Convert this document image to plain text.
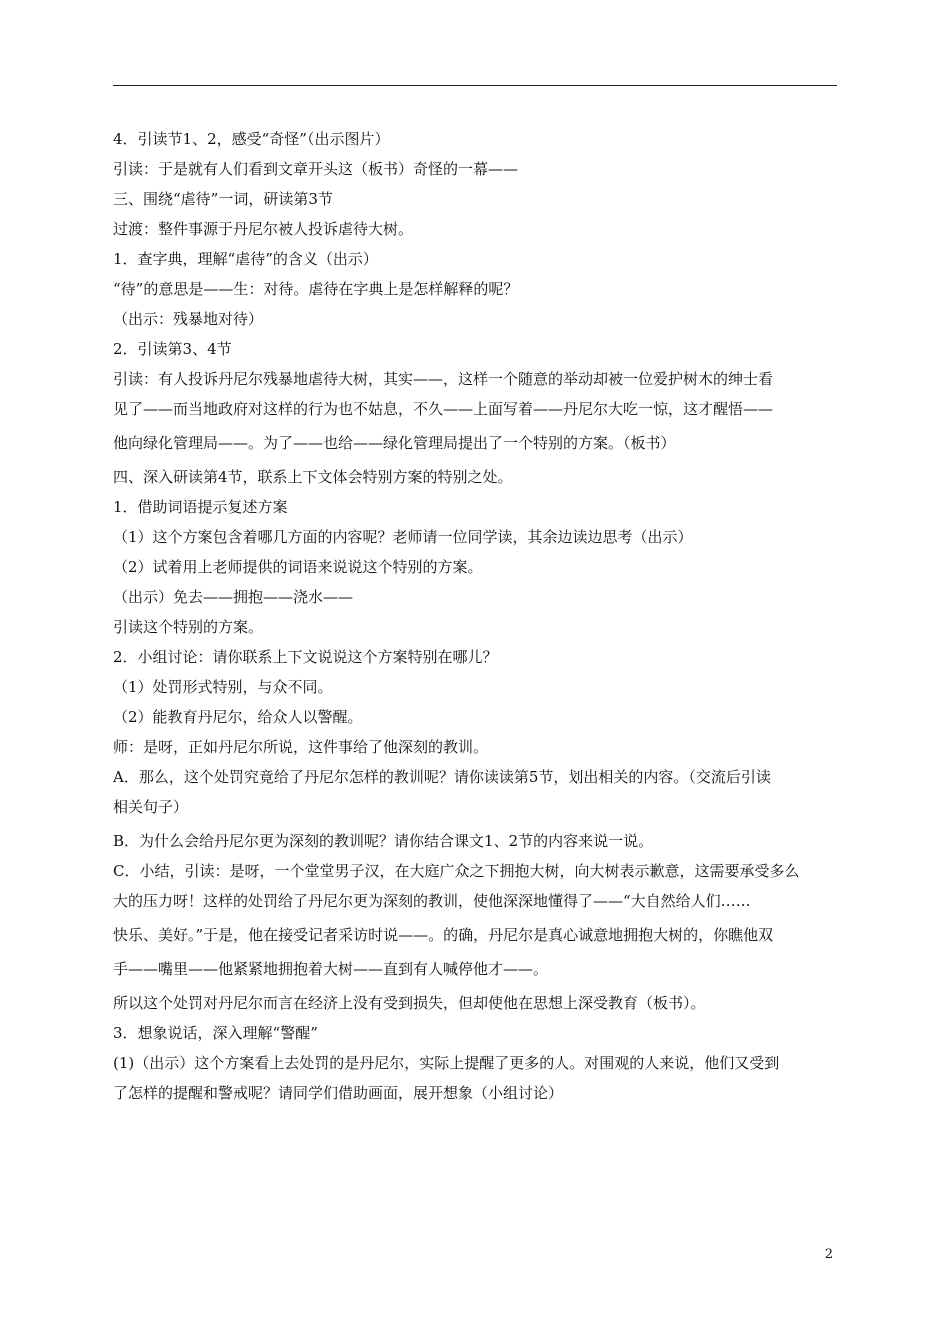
4．引读节1、2，感受“奇怪”（出示图片）

引读：于是就有人们看到文章开头这（板书）奇怪的一幕——

三、围绕“虐待”一词，研读第3节

过渡：整件事源于丹尼尔被人投诉虐待大树。

1．查字典，理解“虐待”的含义（出示）

“待”的意思是——生：对待。虐待在字典上是怎样解释的呢？

（出示：残暴地对待）

2．引读第3、4节

引读：有人投诉丹尼尔残暴地虐待大树，其实——，这样一个随意的举动却被一位爱护树木的绅士看

见了——而当地政府对这样的行为也不姑息，不久——上面写着——丹尼尔大吃一惊，这才醒悟——

他向绿化管理局——。为了——也给——绿化管理局提出了一个特别的方案。（板书）

四、深入研读第4节，联系上下文体会特别方案的特别之处。

1．借助词语提示复述方案

（1）这个方案包含着哪几方面的内容呢？老师请一位同学读，其余边读边思考（出示）

（2）试着用上老师提供的词语来说说这个特别的方案。

（出示）免去——拥抱——浇水——

引读这个特别的方案。

2．小组讨论：请你联系上下文说说这个方案特别在哪儿？

（1）处罚形式特别，与众不同。

（2）能教育丹尼尔，给众人以警醒。

师：是呀，正如丹尼尔所说，这件事给了他深刻的教训。

A．那么，这个处罚究竟给了丹尼尔怎样的教训呢？请你读读第5节，划出相关的内容。（交流后引读

相关句子）

B．为什么会给丹尼尔更为深刻的教训呢？请你结合课文1、2节的内容来说一说。

C．小结，引读：是呀，一个堂堂男子汉，在大庭广众之下拥抱大树，向大树表示歉意，这需要承受多么

大的压力呀！这样的处罚给了丹尼尔更为深刻的教训，使他深深地懂得了——“大自然给人们……

快乐、美好。”于是，他在接受记者采访时说——。的确，丹尼尔是真心诚意地拥抱大树的，你瞧他双

手——嘴里——他紧紧地拥抱着大树——直到有人喊停他才——。

所以这个处罚对丹尼尔而言在经济上没有受到损失，但却使他在思想上深受教育（板书）。

3．想象说话，深入理解“警醒”

(1)（出示）这个方案看上去处罚的是丹尼尔，实际上提醒了更多的人。对围观的人来说，他们又受到

了怎样的提醒和警戒呢？请同学们借助画面，展开想象（小组讨论）

2
